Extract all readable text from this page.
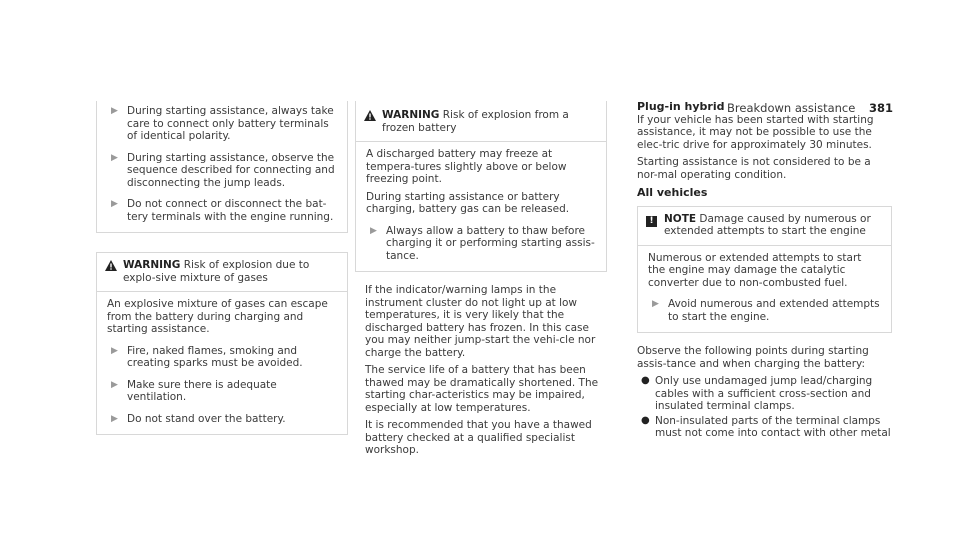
Breakdown assistance 381
▶ During starting assistance, always take care to connect only battery terminals of identical polarity.
▶ During starting assistance, observe the sequence described for connecting and disconnecting the jump leads.
▶ Do not connect or disconnect the bat-tery terminals with the engine running.
WARNING Risk of explosion due to explo-sive mixture of gases

An explosive mixture of gases can escape from the battery during charging and starting assistance.

▶ Fire, naked flames, smoking and creating sparks must be avoided.
▶ Make sure there is adequate ventilation.
▶ Do not stand over the battery.
WARNING Risk of explosion from a frozen battery

A discharged battery may freeze at tempera-tures slightly above or below freezing point.

During starting assistance or battery charging, battery gas can be released.

▶ Always allow a battery to thaw before charging it or performing starting assis-tance.

If the indicator/warning lamps in the instrument cluster do not light up at low temperatures, it is very likely that the discharged battery has frozen. In this case you may neither jump-start the vehi-cle nor charge the battery.

The service life of a battery that has been thawed may be dramatically shortened. The starting char-acteristics may be impaired, especially at low temperatures.

It is recommended that you have a thawed battery checked at a qualified specialist workshop.

Plug-in hybrid

If your vehicle has been started with starting assistance, it may not be possible to use the elec-tric drive for approximately 30 minutes.

Starting assistance is not considered to be a nor-mal operating condition.

All vehicles
! NOTE Damage caused by numerous or extended attempts to start the engine

Numerous or extended attempts to start the engine may damage the catalytic converter due to non-combusted fuel.

▶ Avoid numerous and extended attempts to start the engine.

Observe the following points during starting assis-tance and when charging the battery:

● Only use undamaged jump lead/charging cables with a sufficient cross-section and insulated terminal clamps.
● Non-insulated parts of the terminal clamps must not come into contact with other metal
